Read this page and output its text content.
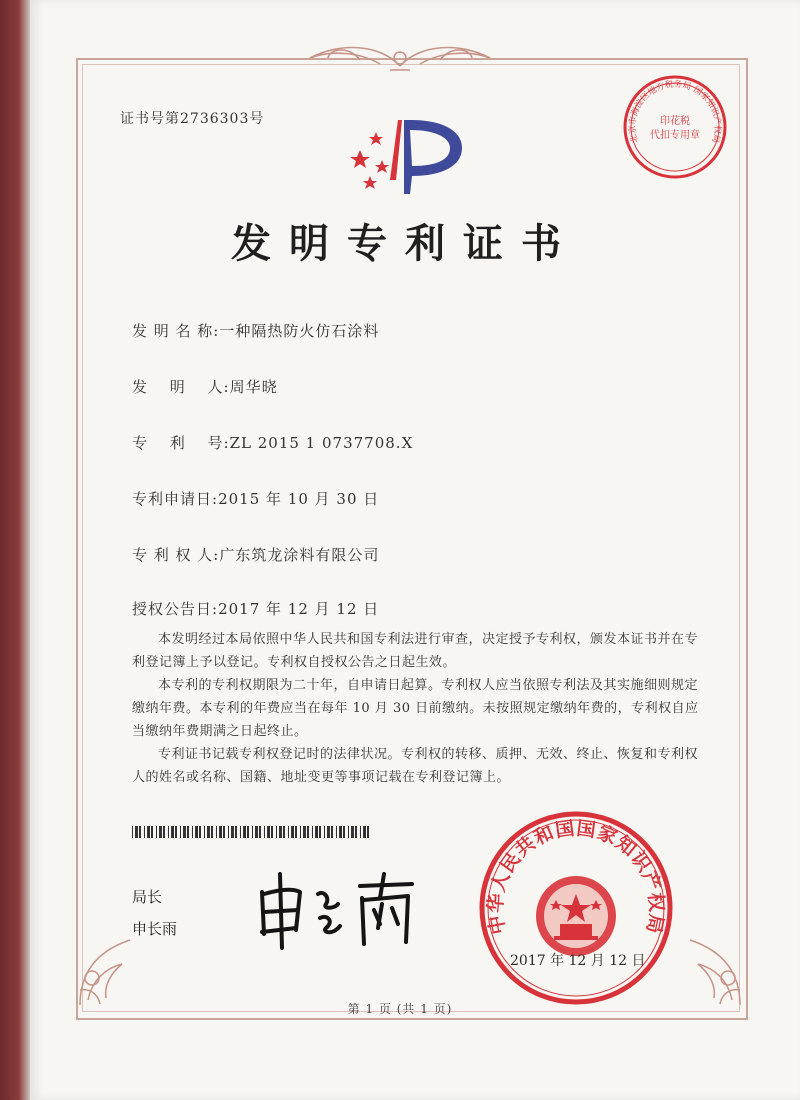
证书号第2736303号
发明专利证书
发 明 名 称:一种隔热防火仿石涂料
发　 明 　人:周华晓
专　 利 　号:ZL 2015 1 0737708.X
专利申请日:2015 年 10 月 30 日
专 利 权 人:广东筑龙涂料有限公司
授权公告日:2017 年 12 月 12 日

本发明经过本局依照中华人民共和国专利法进行审查，决定授予专利权，颁发本证书并在专利登记簿上予以登记。专利权自授权公告之日起生效。

本专利的专利权期限为二十年，自申请日起算。专利权人应当依照专利法及其实施细则规定缴纳年费。本专利的年费应当在每年 10 月 30 日前缴纳。未按照规定缴纳年费的，专利权自应当缴纳年费期满之日起终止。

专利证书记载专利权登记时的法律状况。专利权的转移、质押、无效、终止、恢复和专利权人的姓名或名称、国籍、地址变更等事项记载在专利登记簿上。

局长
申长雨	中华人民共和国国家知识产权局
2017 年 12 月 12 日
北京市海淀区地方税务局 国家知识产权局
印花税
代扣专用章
第 1 页 (共 1 页)
